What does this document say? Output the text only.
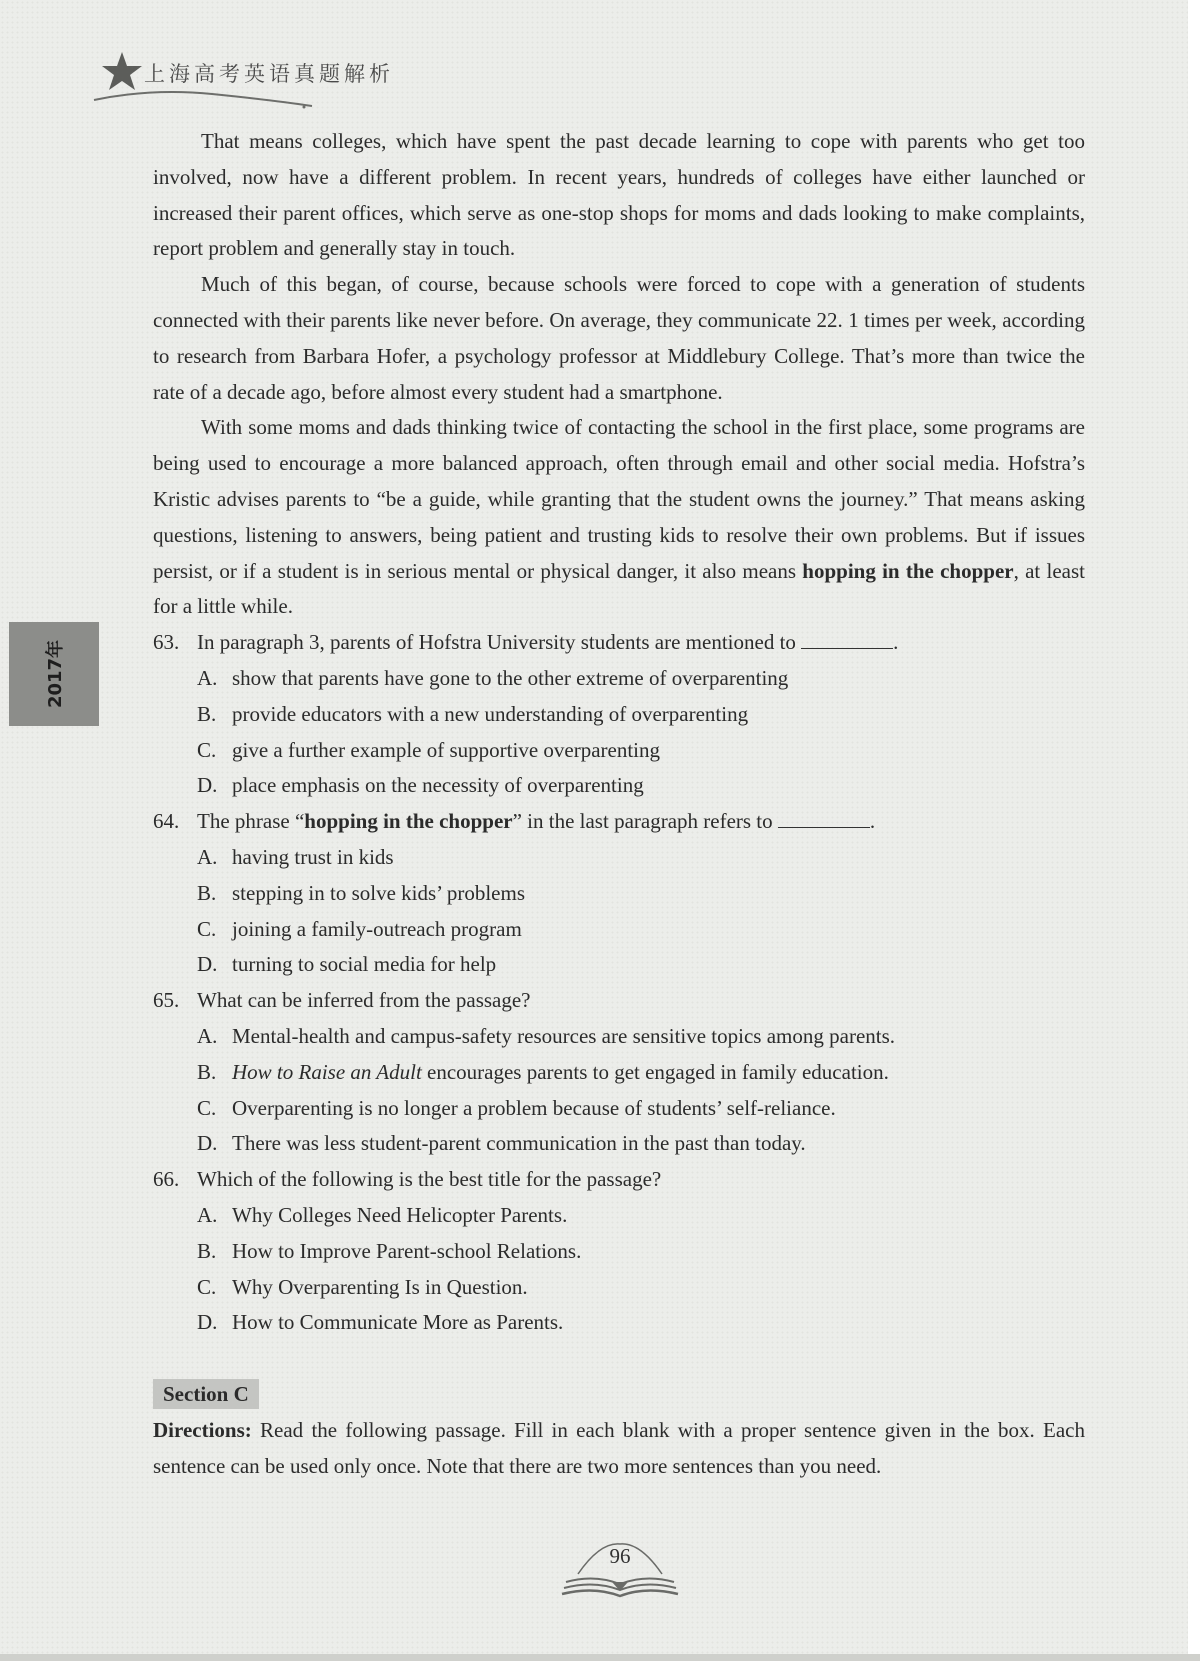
上海高考英语真题解析
2017年

That means colleges, which have spent the past decade learning to cope with parents who get too involved, now have a different problem. In recent years, hundreds of colleges have either launched or increased their parent offices, which serve as one-stop shops for moms and dads looking to make complaints, report problem and generally stay in touch.

Much of this began, of course, because schools were forced to cope with a generation of students connected with their parents like never before. On average, they communicate 22. 1 times per week, according to research from Barbara Hofer, a psychology professor at Middlebury College. That’s more than twice the rate of a decade ago, before almost every student had a smartphone.

With some moms and dads thinking twice of contacting the school in the first place, some programs are being used to encourage a more balanced approach, often through email and other social media. Hofstra’s Kristic advises parents to “be a guide, while granting that the student owns the journey.” That means asking questions, listening to answers, being patient and trusting kids to resolve their own problems. But if issues persist, or if a student is in serious mental or physical danger, it also means hopping in the chopper, at least for a little while.

63. In paragraph 3, parents of Hofstra University students are mentioned to	.
A. show that parents have gone to the other extreme of overparenting
B. provide educators with a new understanding of overparenting
C. give a further example of supportive overparenting
D. place emphasis on the necessity of overparenting
64. The phrase “hopping in the chopper” in the last paragraph refers to	.
A. having trust in kids
B. stepping in to solve kids’ problems
C. joining a family-outreach program
D. turning to social media for help
65. What can be inferred from the passage?
A. Mental-health and campus-safety resources are sensitive topics among parents.
B. How to Raise an Adult encourages parents to get engaged in family education.
C. Overparenting is no longer a problem because of students’ self-reliance.
D. There was less student-parent communication in the past than today.
66. Which of the following is the best title for the passage?
A. Why Colleges Need Helicopter Parents.
B. How to Improve Parent-school Relations.
C. Why Overparenting Is in Question.
D. How to Communicate More as Parents.
Section C

Directions: Read the following passage. Fill in each blank with a proper sentence given in the box. Each sentence can be used only once. Note that there are two more sentences than you need.

96
